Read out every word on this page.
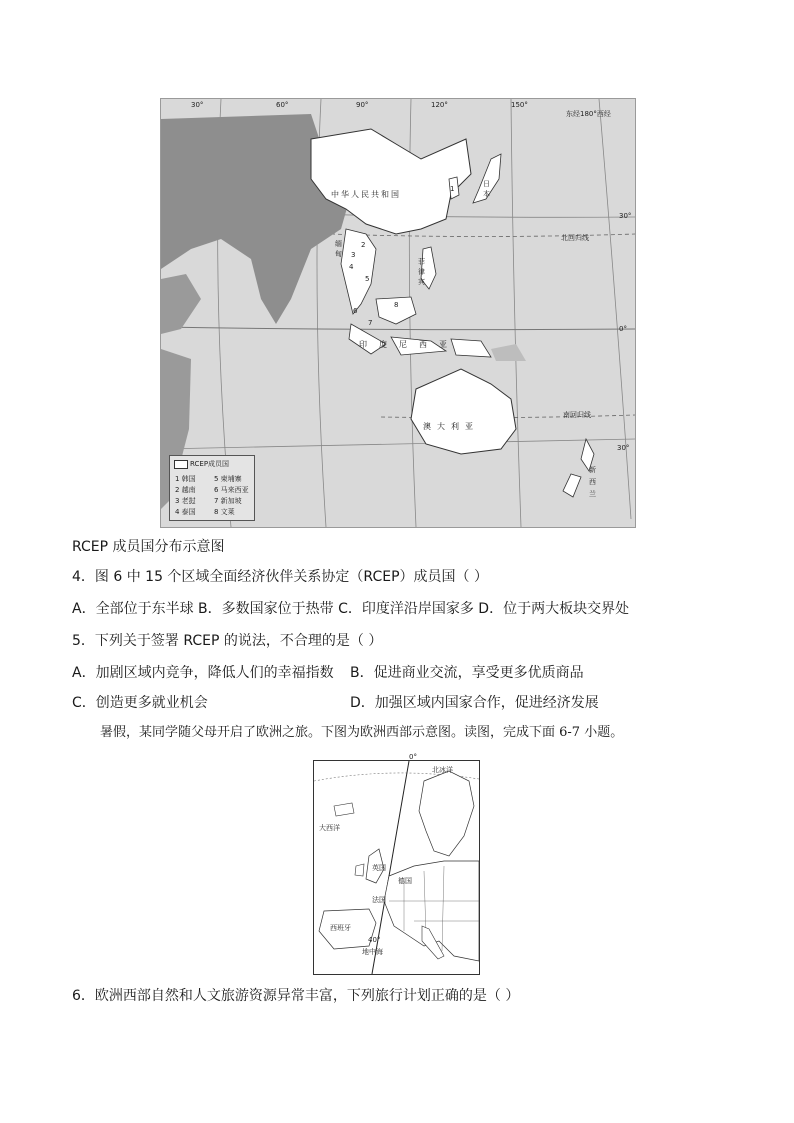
30°	60°	90°	120°	150°
东经180°西经
30°
0°
30°
北回归线
南回归线
中华人民共和国
日本
缅甸
菲律宾
印度尼西亚
澳大利亚
新西兰
1
2
3
4
5
6
7
8
RCEP成员国
1 韩国	5 柬埔寨
2 越南	6 马来西亚
3 老挝	7 新加坡
4 泰国	8 文莱
RCEP 成员国分布示意图
4．图 6 中 15 个区域全面经济伙伴关系协定（RCEP）成员国（ ）
A．全部位于东半球 B．多数国家位于热带 C．印度洋沿岸国家多 D．位于两大板块交界处
5．下列关于签署 RCEP 的说法，不合理的是（ ）
A．加剧区域内竞争，降低人们的幸福指数 B．促进商业交流，享受更多优质商品
C．创造更多就业机会	D．加强区域内国家合作，促进经济发展
暑假，某同学随父母开启了欧洲之旅。下图为欧洲西部示意图。读图，完成下面 6-7 小题。
0°
北冰洋
大西洋
英国
德国
法国
西班牙
40°
地中海
6．欧洲西部自然和人文旅游资源异常丰富，下列旅行计划正确的是（ ）
